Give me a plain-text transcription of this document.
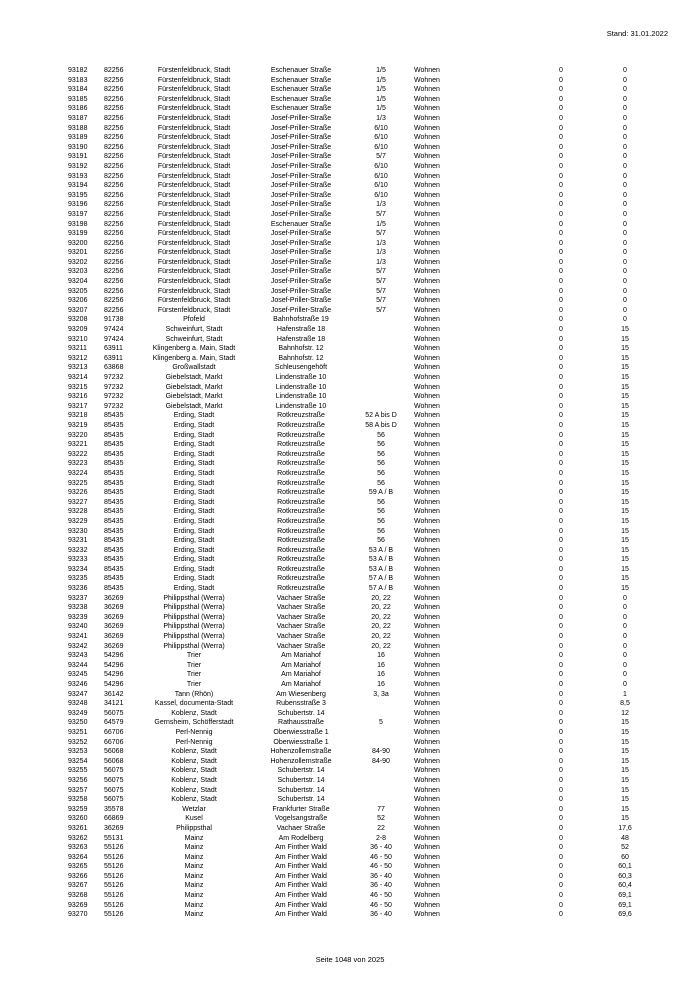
Stand: 31.01.2022
93182	82256	Fürstenfeldbruck, Stadt	Eschenauer Straße	1/5	Wohnen	0	0
93183	82256	Fürstenfeldbruck, Stadt	Eschenauer Straße	1/5	Wohnen	0	0
93184	82256	Fürstenfeldbruck, Stadt	Eschenauer Straße	1/5	Wohnen	0	0
93185	82256	Fürstenfeldbruck, Stadt	Eschenauer Straße	1/5	Wohnen	0	0
93186	82256	Fürstenfeldbruck, Stadt	Eschenauer Straße	1/5	Wohnen	0	0
93187	82256	Fürstenfeldbruck, Stadt	Josef-Priller-Straße	1/3	Wohnen	0	0
93188	82256	Fürstenfeldbruck, Stadt	Josef-Priller-Straße	6/10	Wohnen	0	0
93189	82256	Fürstenfeldbruck, Stadt	Josef-Priller-Straße	6/10	Wohnen	0	0
93190	82256	Fürstenfeldbruck, Stadt	Josef-Priller-Straße	6/10	Wohnen	0	0
93191	82256	Fürstenfeldbruck, Stadt	Josef-Priller-Straße	5/7	Wohnen	0	0
93192	82256	Fürstenfeldbruck, Stadt	Josef-Priller-Straße	6/10	Wohnen	0	0
93193	82256	Fürstenfeldbruck, Stadt	Josef-Priller-Straße	6/10	Wohnen	0	0
93194	82256	Fürstenfeldbruck, Stadt	Josef-Priller-Straße	6/10	Wohnen	0	0
93195	82256	Fürstenfeldbruck, Stadt	Josef-Priller-Straße	6/10	Wohnen	0	0
93196	82256	Fürstenfeldbruck, Stadt	Josef-Priller-Straße	1/3	Wohnen	0	0
93197	82256	Fürstenfeldbruck, Stadt	Josef-Priller-Straße	5/7	Wohnen	0	0
93198	82256	Fürstenfeldbruck, Stadt	Eschenauer Straße	1/5	Wohnen	0	0
93199	82256	Fürstenfeldbruck, Stadt	Josef-Priller-Straße	5/7	Wohnen	0	0
93200	82256	Fürstenfeldbruck, Stadt	Josef-Priller-Straße	1/3	Wohnen	0	0
93201	82256	Fürstenfeldbruck, Stadt	Josef-Priller-Straße	1/3	Wohnen	0	0
93202	82256	Fürstenfeldbruck, Stadt	Josef-Priller-Straße	1/3	Wohnen	0	0
93203	82256	Fürstenfeldbruck, Stadt	Josef-Priller-Straße	5/7	Wohnen	0	0
93204	82256	Fürstenfeldbruck, Stadt	Josef-Priller-Straße	5/7	Wohnen	0	0
93205	82256	Fürstenfeldbruck, Stadt	Josef-Priller-Straße	5/7	Wohnen	0	0
93206	82256	Fürstenfeldbruck, Stadt	Josef-Priller-Straße	5/7	Wohnen	0	0
93207	82256	Fürstenfeldbruck, Stadt	Josef-Priller-Straße	5/7	Wohnen	0	0
93208	91738	Pfofeld	Bahnhofstraße 19		Wohnen	0	0
93209	97424	Schweinfurt, Stadt	Hafenstraße 18		Wohnen	0	15
93210	97424	Schweinfurt, Stadt	Hafenstraße 18		Wohnen	0	15
93211	63911	Klingenberg a. Main, Stadt	Bahnhofstr. 12		Wohnen	0	15
93212	63911	Klingenberg a. Main, Stadt	Bahnhofstr. 12		Wohnen	0	15
93213	63868	Großwallstadt	Schleusengehöft		Wohnen	0	15
93214	97232	Giebelstadt, Markt	Lindenstraße 10		Wohnen	0	15
93215	97232	Giebelstadt, Markt	Lindenstraße 10		Wohnen	0	15
93216	97232	Giebelstadt, Markt	Lindenstraße 10		Wohnen	0	15
93217	97232	Giebelstadt, Markt	Lindenstraße 10		Wohnen	0	15
93218	85435	Erding, Stadt	Rotkreuzstraße	52 A bis D	Wohnen	0	15
93219	85435	Erding, Stadt	Rotkreuzstraße	58 A bis D	Wohnen	0	15
93220	85435	Erding, Stadt	Rotkreuzstraße	56	Wohnen	0	15
93221	85435	Erding, Stadt	Rotkreuzstraße	56	Wohnen	0	15
93222	85435	Erding, Stadt	Rotkreuzstraße	56	Wohnen	0	15
93223	85435	Erding, Stadt	Rotkreuzstraße	56	Wohnen	0	15
93224	85435	Erding, Stadt	Rotkreuzstraße	56	Wohnen	0	15
93225	85435	Erding, Stadt	Rotkreuzstraße	56	Wohnen	0	15
93226	85435	Erding, Stadt	Rotkreuzstraße	59 A / B	Wohnen	0	15
93227	85435	Erding, Stadt	Rotkreuzstraße	56	Wohnen	0	15
93228	85435	Erding, Stadt	Rotkreuzstraße	56	Wohnen	0	15
93229	85435	Erding, Stadt	Rotkreuzstraße	56	Wohnen	0	15
93230	85435	Erding, Stadt	Rotkreuzstraße	56	Wohnen	0	15
93231	85435	Erding, Stadt	Rotkreuzstraße	56	Wohnen	0	15
93232	85435	Erding, Stadt	Rotkreuzstraße	53 A / B	Wohnen	0	15
93233	85435	Erding, Stadt	Rotkreuzstraße	53 A / B	Wohnen	0	15
93234	85435	Erding, Stadt	Rotkreuzstraße	53 A / B	Wohnen	0	15
93235	85435	Erding, Stadt	Rotkreuzstraße	57 A / B	Wohnen	0	15
93236	85435	Erding, Stadt	Rotkreuzstraße	57 A / B	Wohnen	0	15
93237	36269	Philippsthal (Werra)	Vachaer Straße	20, 22	Wohnen	0	0
93238	36269	Philippsthal (Werra)	Vachaer Straße	20, 22	Wohnen	0	0
93239	36269	Philippsthal (Werra)	Vachaer Straße	20, 22	Wohnen	0	0
93240	36269	Philippsthal (Werra)	Vachaer Straße	20, 22	Wohnen	0	0
93241	36269	Philippsthal (Werra)	Vachaer Straße	20, 22	Wohnen	0	0
93242	36269	Philippsthal (Werra)	Vachaer Straße	20, 22	Wohnen	0	0
93243	54296	Trier	Am Mariahof	16	Wohnen	0	0
93244	54296	Trier	Am Mariahof	16	Wohnen	0	0
93245	54296	Trier	Am Mariahof	16	Wohnen	0	0
93246	54296	Trier	Am Mariahof	16	Wohnen	0	0
93247	36142	Tann (Rhön)	Am Wiesenberg	3, 3a	Wohnen	0	1
93248	34121	Kassel, documenta-Stadt	Rubensstraße 3		Wohnen	0	8,5
93249	56075	Koblenz, Stadt	Schubertstr. 14		Wohnen	0	12
93250	64579	Gernsheim, Schöfferstadt	Rathausstraße	5	Wohnen	0	15
93251	66706	Perl-Nennig	Oberwiesstraße 1		Wohnen	0	15
93252	66706	Perl-Nennig	Oberwiesstraße 1		Wohnen	0	15
93253	56068	Koblenz, Stadt	Hohenzollernstraße	84-90	Wohnen	0	15
93254	56068	Koblenz, Stadt	Hohenzollernstraße	84-90	Wohnen	0	15
93255	56075	Koblenz, Stadt	Schubertstr. 14		Wohnen	0	15
93256	56075	Koblenz, Stadt	Schubertstr. 14		Wohnen	0	15
93257	56075	Koblenz, Stadt	Schubertstr. 14		Wohnen	0	15
93258	56075	Koblenz, Stadt	Schubertstr. 14		Wohnen	0	15
93259	35578	Wetzlar	Frankfurter Straße	77	Wohnen	0	15
93260	66869	Kusel	Vogelsangstraße	52	Wohnen	0	15
93261	36269	Philippsthal	Vachaer Straße	22	Wohnen	0	17,6
93262	55131	Mainz	Am Rodelberg	2-8	Wohnen	0	48
93263	55126	Mainz	Am Finther Wald	36 - 40	Wohnen	0	52
93264	55126	Mainz	Am Finther Wald	46 - 50	Wohnen	0	60
93265	55126	Mainz	Am Finther Wald	46 - 50	Wohnen	0	60,1
93266	55126	Mainz	Am Finther Wald	36 - 40	Wohnen	0	60,3
93267	55126	Mainz	Am Finther Wald	36 - 40	Wohnen	0	60,4
93268	55126	Mainz	Am Finther Wald	46 - 50	Wohnen	0	69,1
93269	55126	Mainz	Am Finther Wald	46 - 50	Wohnen	0	69,1
93270	55126	Mainz	Am Finther Wald	36 - 40	Wohnen	0	69,6
Seite 1048 von 2025
